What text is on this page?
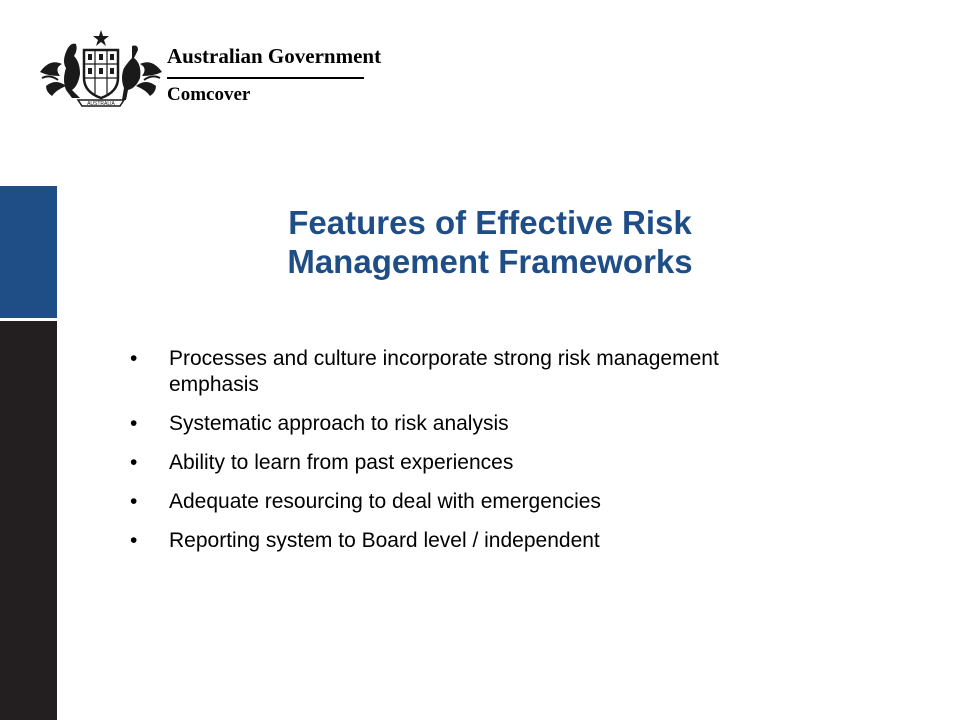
AUSTRALIA
Australian Government
Comcover
Features of Effective Risk
Management Frameworks
• Processes and culture incorporate strong risk management emphasis
• Systematic approach to risk analysis
• Ability to learn from past experiences
• Adequate resourcing to deal with emergencies
• Reporting system to Board level / independent
